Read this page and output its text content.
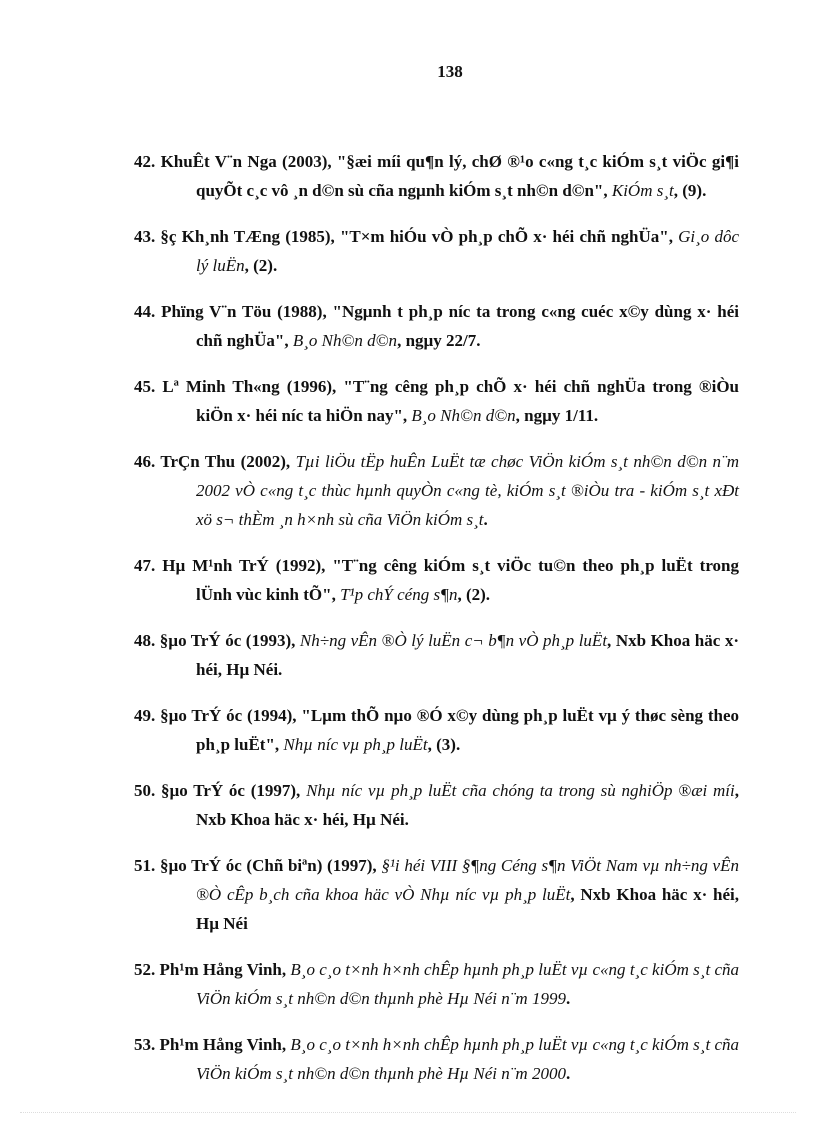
138

42. KhuÊt V¨n Nga (2003), "§æi míi qu¶n lý, chØ ®¹o c«ng t¸c kiÓm s¸t viÖc gi¶i quyÕt c¸c vô ¸n d©n sù cña ngµnh kiÓm s¸t nh©n d©n", KiÓm s¸t, (9).

43. §ç Kh¸nh TÆng (1985), "T×m hiÓu vÒ ph¸p chÕ x· héi chñ nghÜa", Gi¸o dôc lý luËn, (2).

44. Phïng V¨n Töu (1988), "Ngµnh t ph¸p níc ta trong c«ng cuéc x©y dùng x· héi chñ nghÜa", B¸o Nh©n d©n, ngµy 22/7.

45. Lª Minh Th«ng (1996), "T¨ng cêng ph¸p chÕ x· héi chñ nghÜa trong ®iÒu kiÖn x· héi níc ta hiÖn nay", B¸o Nh©n d©n, ngµy 1/11.

46. TrÇn Thu (2002), Tµi liÖu tËp huÊn LuËt tæ chøc ViÖn kiÓm s¸t nh©n d©n n¨m 2002 vÒ c«ng t¸c thùc hµnh quyÒn c«ng tè, kiÓm s¸t ®iÒu tra - kiÓm s¸t xÐt xö s¬ thÈm ¸n h×nh sù cña ViÖn kiÓm s¸t.

47. Hµ M¹nh TrÝ (1992), "T¨ng cêng kiÓm s¸t viÖc tu©n theo ph¸p luËt trong lÜnh vùc kinh tÕ", T¹p chÝ céng s¶n, (2).

48. §µo TrÝ óc (1993), Nh÷ng vÊn ®Ò lý luËn c¬ b¶n vÒ ph¸p luËt, Nxb Khoa häc x· héi, Hµ Néi.

49. §µo TrÝ óc (1994), "Lµm thÕ nµo ®Ó x©y dùng ph¸p luËt vµ ý thøc sèng theo ph¸p luËt", Nhµ níc vµ ph¸p luËt, (3).

50. §µo TrÝ óc (1997), Nhµ níc vµ ph¸p luËt cña chóng ta trong sù nghiÖp ®æi míi, Nxb Khoa häc x· héi, Hµ Néi.

51. §µo TrÝ óc (Chñ biªn) (1997), §¹i héi VIII §¶ng Céng s¶n ViÖt Nam vµ nh÷ng vÊn ®Ò cÊp b¸ch cña khoa häc vÒ Nhµ níc vµ ph¸p luËt, Nxb Khoa häc x· héi, Hµ Néi

52. Ph¹m Hång Vinh, B¸o c¸o t×nh h×nh chÊp hµnh ph¸p luËt vµ c«ng t¸c kiÓm s¸t cña ViÖn kiÓm s¸t nh©n d©n thµnh phè Hµ Néi n¨m 1999.

53. Ph¹m Hång Vinh, B¸o c¸o t×nh h×nh chÊp hµnh ph¸p luËt vµ c«ng t¸c kiÓm s¸t cña ViÖn kiÓm s¸t nh©n d©n thµnh phè Hµ Néi n¨m 2000.
